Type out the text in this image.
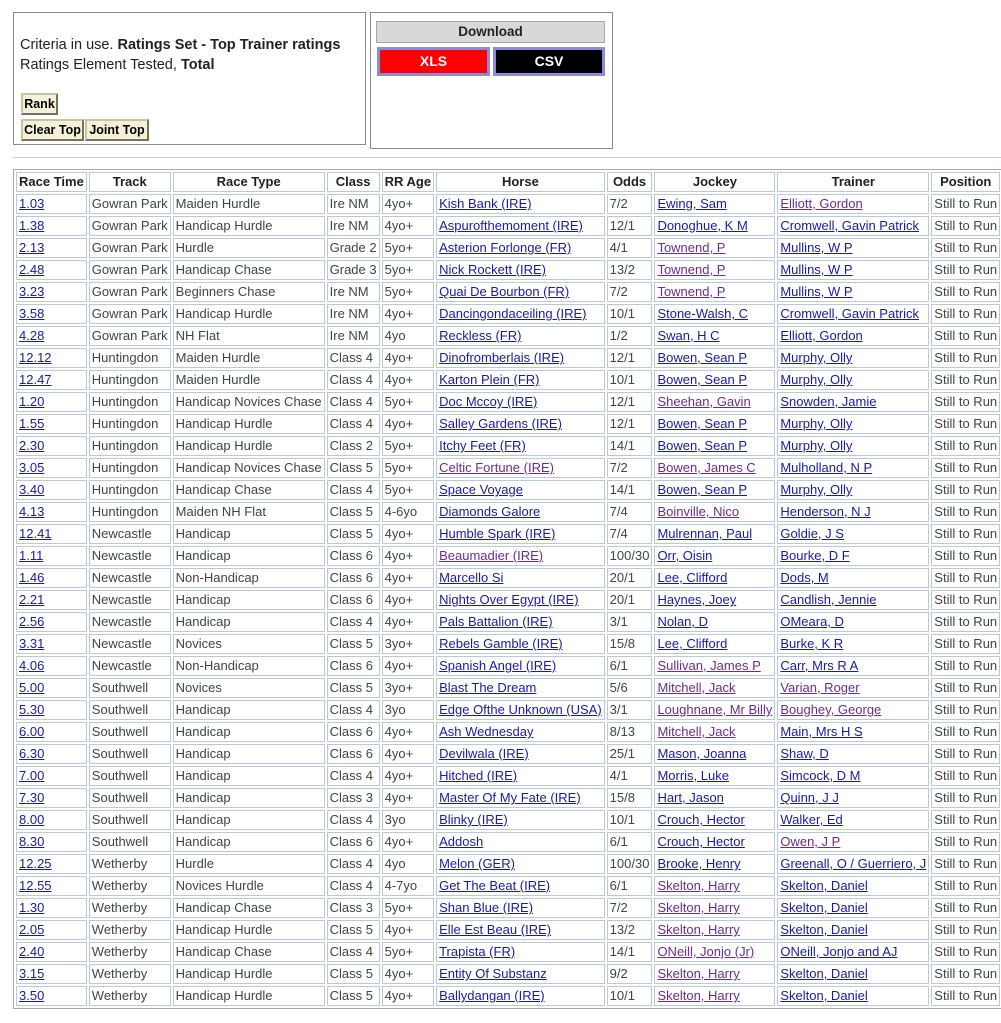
Criteria in use. Ratings Set - Top Trainer ratings
Ratings Element Tested, Total
Rank
Clear Top Joint Top
Download
XLS	CSV
Race Time	Track	Race Type	Class	RR Age	Horse	Odds	Jockey	Trainer	Position
1.03	Gowran Park	Maiden Hurdle	Ire NM	4yo+	Kish Bank (IRE)	7/2	Ewing, Sam	Elliott, Gordon	Still to Run
1.38	Gowran Park	Handicap Hurdle	Ire NM	4yo+	Aspurofthemoment (IRE)	12/1	Donoghue, K M	Cromwell, Gavin Patrick	Still to Run
2.13	Gowran Park	Hurdle	Grade 2	5yo+	Asterion Forlonge (FR)	4/1	Townend, P	Mullins, W P	Still to Run
2.48	Gowran Park	Handicap Chase	Grade 3	5yo+	Nick Rockett (IRE)	13/2	Townend, P	Mullins, W P	Still to Run
3.23	Gowran Park	Beginners Chase	Ire NM	5yo+	Quai De Bourbon (FR)	7/2	Townend, P	Mullins, W P	Still to Run
3.58	Gowran Park	Handicap Hurdle	Ire NM	4yo+	Dancingondaceiling (IRE)	10/1	Stone-Walsh, C	Cromwell, Gavin Patrick	Still to Run
4.28	Gowran Park	NH Flat	Ire NM	4yo	Reckless (FR)	1/2	Swan, H C	Elliott, Gordon	Still to Run
12.12	Huntingdon	Maiden Hurdle	Class 4	4yo+	Dinofromberlais (IRE)	12/1	Bowen, Sean P	Murphy, Olly	Still to Run
12.47	Huntingdon	Maiden Hurdle	Class 4	4yo+	Karton Plein (FR)	10/1	Bowen, Sean P	Murphy, Olly	Still to Run
1.20	Huntingdon	Handicap Novices Chase	Class 4	5yo+	Doc Mccoy (IRE)	12/1	Sheehan, Gavin	Snowden, Jamie	Still to Run
1.55	Huntingdon	Handicap Hurdle	Class 4	4yo+	Salley Gardens (IRE)	12/1	Bowen, Sean P	Murphy, Olly	Still to Run
2.30	Huntingdon	Handicap Hurdle	Class 2	5yo+	Itchy Feet (FR)	14/1	Bowen, Sean P	Murphy, Olly	Still to Run
3.05	Huntingdon	Handicap Novices Chase	Class 5	5yo+	Celtic Fortune (IRE)	7/2	Bowen, James C	Mulholland, N P	Still to Run
3.40	Huntingdon	Handicap Chase	Class 4	5yo+	Space Voyage	14/1	Bowen, Sean P	Murphy, Olly	Still to Run
4.13	Huntingdon	Maiden NH Flat	Class 5	4-6yo	Diamonds Galore	7/4	Boinville, Nico	Henderson, N J	Still to Run
12.41	Newcastle	Handicap	Class 5	4yo+	Humble Spark (IRE)	7/4	Mulrennan, Paul	Goldie, J S	Still to Run
1.11	Newcastle	Handicap	Class 6	4yo+	Beaumadier (IRE)	100/30	Orr, Oisin	Bourke, D F	Still to Run
1.46	Newcastle	Non-Handicap	Class 6	4yo+	Marcello Si	20/1	Lee, Clifford	Dods, M	Still to Run
2.21	Newcastle	Handicap	Class 6	4yo+	Nights Over Egypt (IRE)	20/1	Haynes, Joey	Candlish, Jennie	Still to Run
2.56	Newcastle	Handicap	Class 4	4yo+	Pals Battalion (IRE)	3/1	Nolan, D	OMeara, D	Still to Run
3.31	Newcastle	Novices	Class 5	3yo+	Rebels Gamble (IRE)	15/8	Lee, Clifford	Burke, K R	Still to Run
4.06	Newcastle	Non-Handicap	Class 6	4yo+	Spanish Angel (IRE)	6/1	Sullivan, James P	Carr, Mrs R A	Still to Run
5.00	Southwell	Novices	Class 5	3yo+	Blast The Dream	5/6	Mitchell, Jack	Varian, Roger	Still to Run
5.30	Southwell	Handicap	Class 4	3yo	Edge Ofthe Unknown (USA)	3/1	Loughnane, Mr Billy	Boughey, George	Still to Run
6.00	Southwell	Handicap	Class 6	4yo+	Ash Wednesday	8/13	Mitchell, Jack	Main, Mrs H S	Still to Run
6.30	Southwell	Handicap	Class 6	4yo+	Devilwala (IRE)	25/1	Mason, Joanna	Shaw, D	Still to Run
7.00	Southwell	Handicap	Class 4	4yo+	Hitched (IRE)	4/1	Morris, Luke	Simcock, D M	Still to Run
7.30	Southwell	Handicap	Class 3	4yo+	Master Of My Fate (IRE)	15/8	Hart, Jason	Quinn, J J	Still to Run
8.00	Southwell	Handicap	Class 4	3yo	Blinky (IRE)	10/1	Crouch, Hector	Walker, Ed	Still to Run
8.30	Southwell	Handicap	Class 6	4yo+	Addosh	6/1	Crouch, Hector	Owen, J P	Still to Run
12.25	Wetherby	Hurdle	Class 4	4yo	Melon (GER)	100/30	Brooke, Henry	Greenall, O / Guerriero, J	Still to Run
12.55	Wetherby	Novices Hurdle	Class 4	4-7yo	Get The Beat (IRE)	6/1	Skelton, Harry	Skelton, Daniel	Still to Run
1.30	Wetherby	Handicap Chase	Class 3	5yo+	Shan Blue (IRE)	7/2	Skelton, Harry	Skelton, Daniel	Still to Run
2.05	Wetherby	Handicap Hurdle	Class 5	4yo+	Elle Est Beau (IRE)	13/2	Skelton, Harry	Skelton, Daniel	Still to Run
2.40	Wetherby	Handicap Chase	Class 4	5yo+	Trapista (FR)	14/1	ONeill, Jonjo (Jr)	ONeill, Jonjo and AJ	Still to Run
3.15	Wetherby	Handicap Hurdle	Class 5	4yo+	Entity Of Substanz	9/2	Skelton, Harry	Skelton, Daniel	Still to Run
3.50	Wetherby	Handicap Hurdle	Class 5	4yo+	Ballydangan (IRE)	10/1	Skelton, Harry	Skelton, Daniel	Still to Run
